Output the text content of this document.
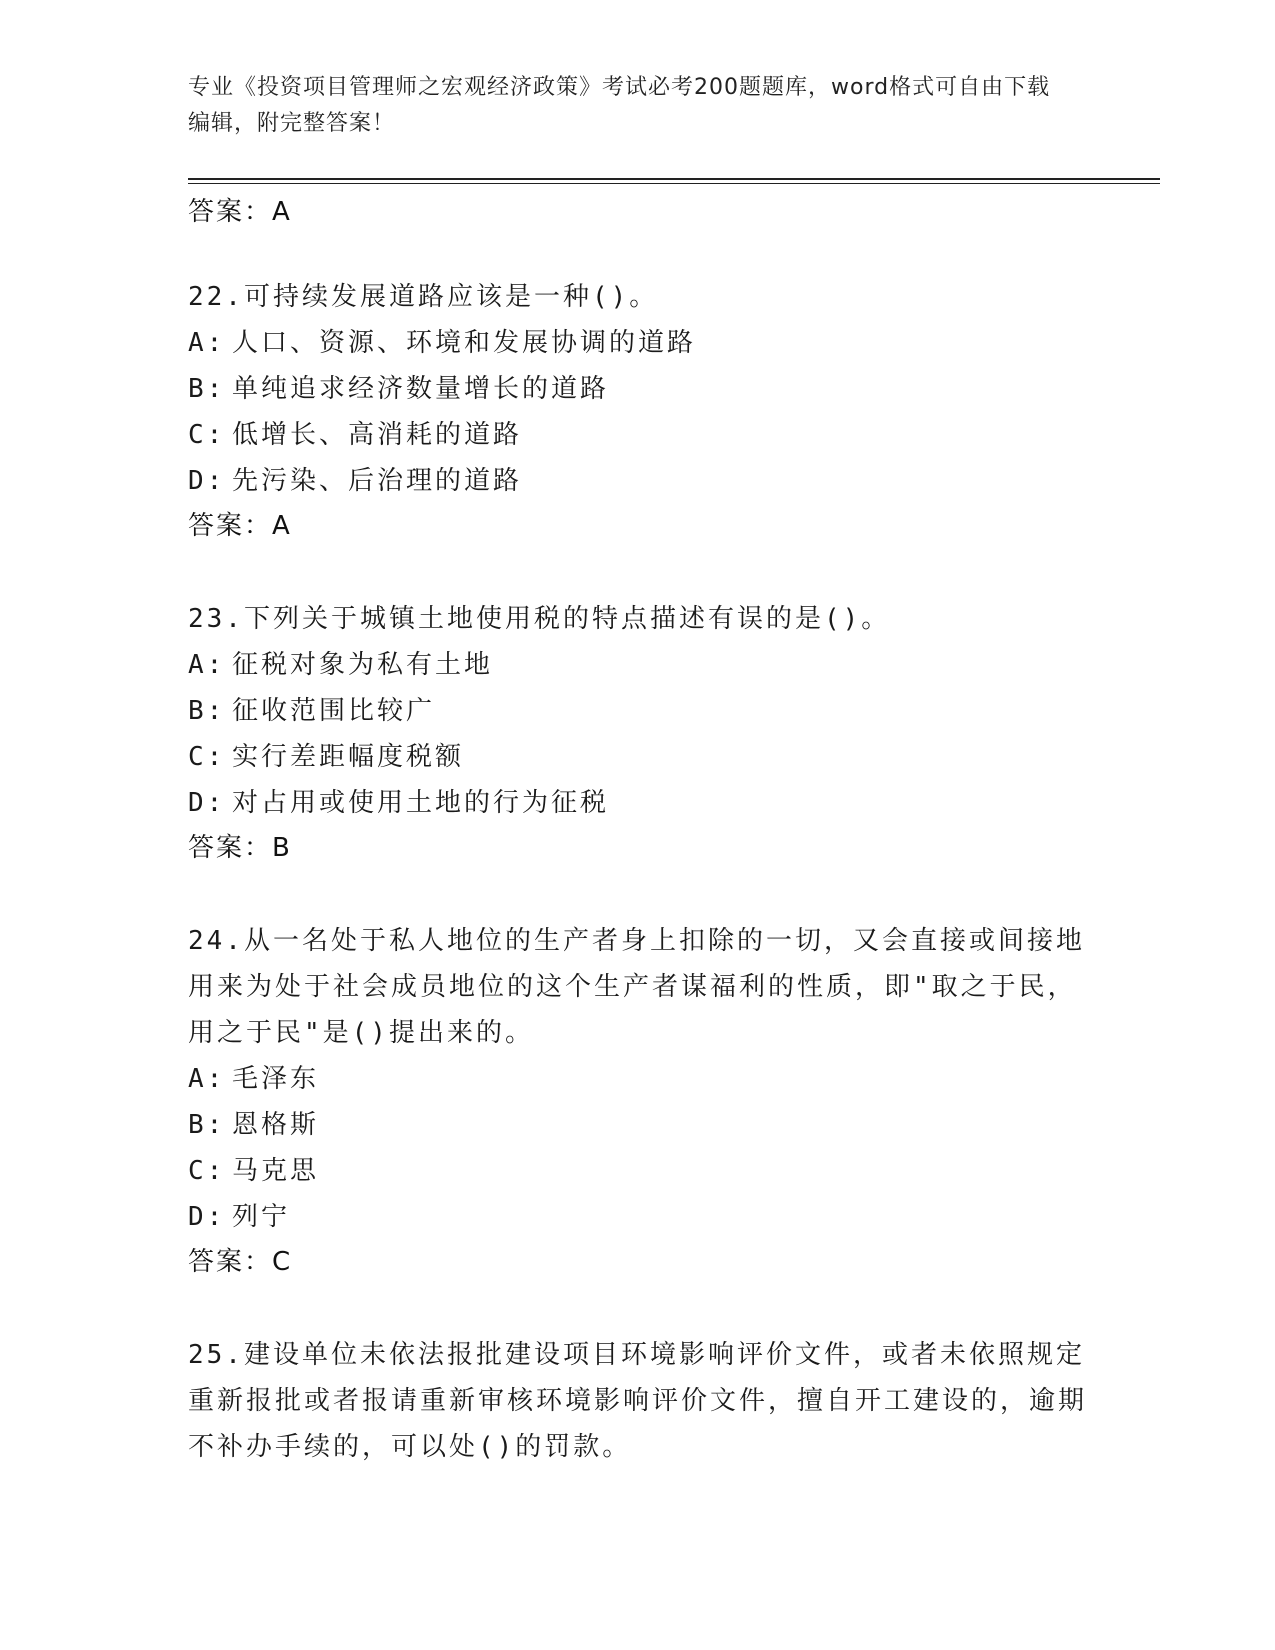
专业《投资项目管理师之宏观经济政策》考试必考200题题库，word格式可自由下载编辑，附完整答案！

答案：A

22.可持续发展道路应该是一种()。

A: 人口、资源、环境和发展协调的道路

B: 单纯追求经济数量增长的道路

C: 低增长、高消耗的道路

D: 先污染、后治理的道路

答案：A

23.下列关于城镇土地使用税的特点描述有误的是()。

A: 征税对象为私有土地

B: 征收范围比较广

C: 实行差距幅度税额

D: 对占用或使用土地的行为征税

答案：B

24.从一名处于私人地位的生产者身上扣除的一切，又会直接或间接地用来为处于社会成员地位的这个生产者谋福利的性质，即"取之于民，用之于民"是()提出来的。

A: 毛泽东

B: 恩格斯

C: 马克思

D: 列宁

答案：C

25.建设单位未依法报批建设项目环境影响评价文件，或者未依照规定重新报批或者报请重新审核环境影响评价文件，擅自开工建设的，逾期不补办手续的，可以处()的罚款。
